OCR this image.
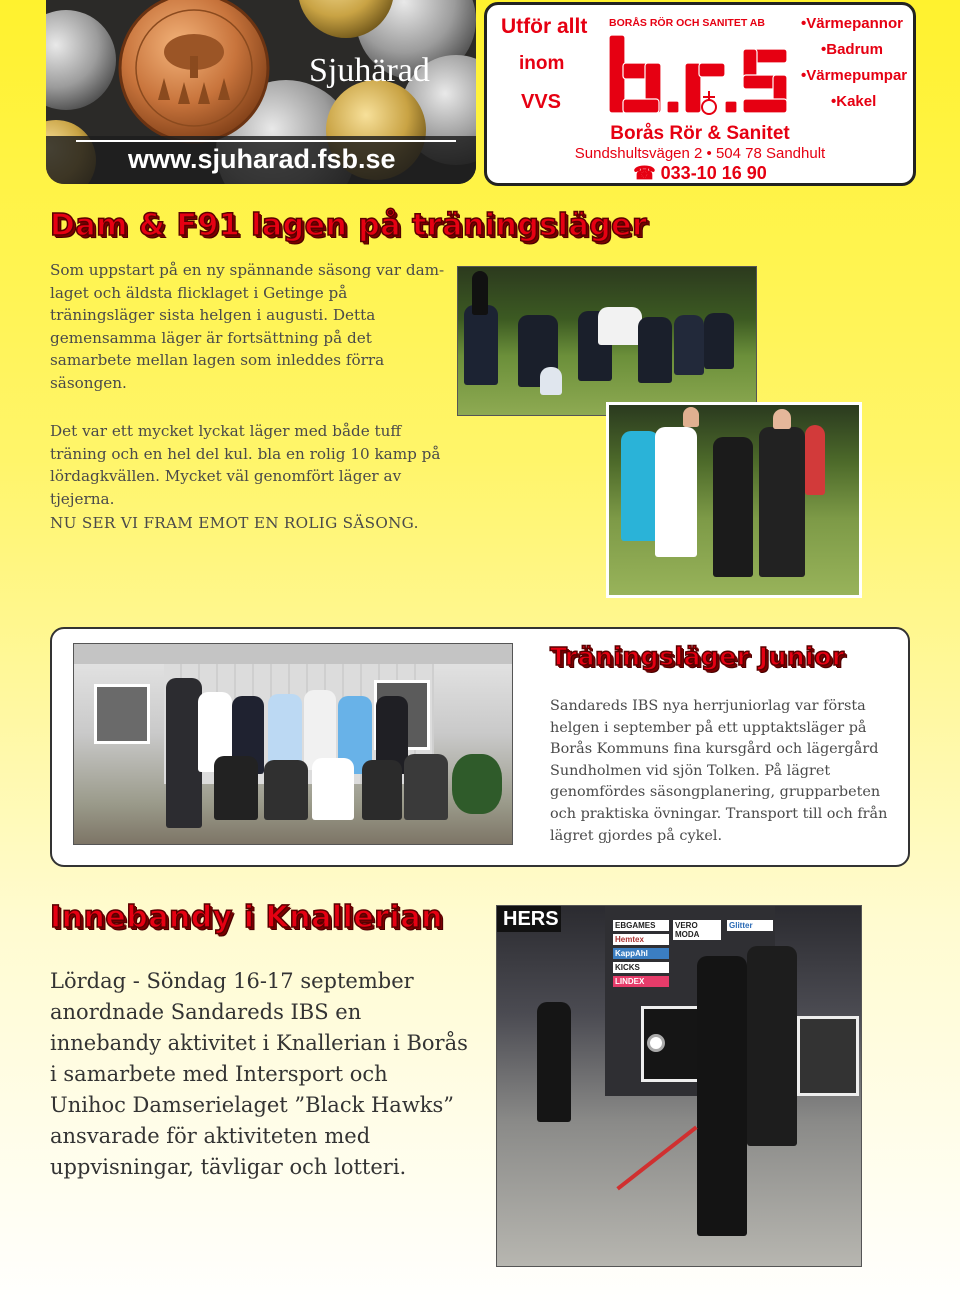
Sjuhärad
www.sjuharad.fsb.se
Utför allt
inom
VVS
BORÅS RÖR OCH SANITET AB •Värmepannor
•Badrum
•Värmepumpar
•Kakel
Borås Rör & Sanitet
Sundshultsvägen 2 • 504 78 Sandhult
☎ 033-10 16 90
Dam & F91 lagen på träningsläger
Som uppstart på en ny spännande säsong var dam-laget och äldsta flicklaget i Getinge på träningsläger sista helgen i augusti. Detta gemensamma läger är fortsättning på det samarbete mellan lagen som inleddes förra säsongen.
Det var ett mycket lyckat läger med både tuff träning och en hel del kul. bla en rolig 10 kamp på lördagkvällen. Mycket väl genomfört läger av tjejerna.
NU SER VI FRAM EMOT EN ROLIG SÄSONG.
Träningsläger Junior
Sandareds IBS nya herrjuniorlag var första helgen i september på ett upptaktsläger på Borås Kommuns fina kursgård och lägergård Sundholmen vid sjön Tolken. På lägret genomfördes säsongplanering, grupparbeten och praktiska övningar. Transport till och från lägret gjordes på cykel.
Innebandy i Knallerian
Lördag - Söndag 16-17 september anordnade Sandareds IBS en innebandy aktivitet i Knallerian i Borås i samarbete med Intersport och Unihoc Damserielaget ”Black Hawks” ansvarade för aktiviteten med uppvisningar, tävligar och lotteri.
HERS	EBGAMES
Hemtex
KappAhl
KICKS
LINDEX
VERO MODA
Glitter
